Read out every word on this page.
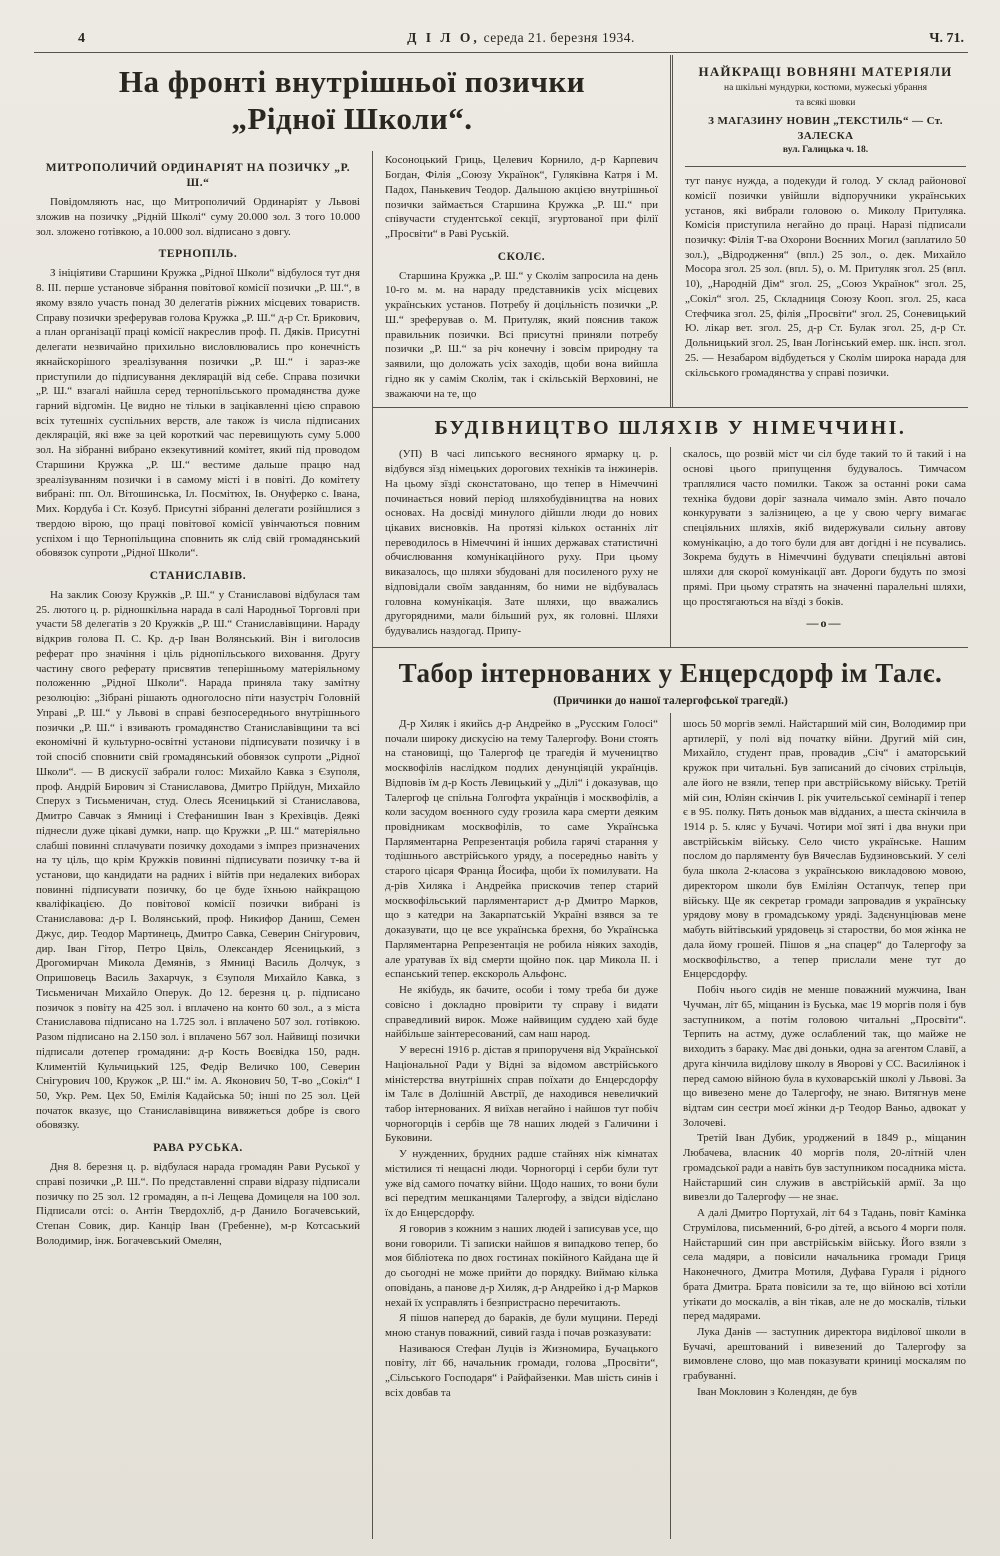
4	Д І Л О, середа 21. березня 1934.	Ч. 71.
На фронті внутрішньої позички
„Рідної Школи“.
НАЙКРАЩІ ВОВНЯНІ МАТЕРІЯЛИ
на шкільні мундурки, костюми, мужеські убрання
та всякі шовки
З МАГАЗИНУ НОВИН „ТЕКСТИЛЬ“ — Ст. ЗАЛЕСКА
вул. Галицька ч. 18.

тут панує нужда, а подекуди й голод. У склад районової комісії позички увійшли відпоручники українських установ, які вибрали головою о. Миколу Притуляка. Комісія приступила негайно до праці. Наразі підписали позичку: Філія Т-ва Охорони Воєнних Могил (заплатило 50 зол.), „Відродження“ (впл.) 25 зол., о. дек. Михайло Мосора згол. 25 зол. (впл. 5), о. М. Притуляк згол. 25 (впл. 10), „Народній Дім“ згол. 25, „Союз Українок“ згол. 25, „Сокіл“ згол. 25, Складниця Союзу Кооп. згол. 25, каса Стефчика згол. 25, філія „Просвіти“ згол. 25, Соневицький Ю. лікар вет. згол. 25, д-р Ст. Булак згол. 25, д-р Ст. Дольницький згол. 25, Іван Логінський емер. шк. інсп. згол. 25. — Незабаром відбудеться у Сколім широка нарада для скільського громадянства у справі позички.

МИТРОПОЛИЧИЙ ОРДИНАРІЯТ НА ПОЗИЧКУ „Р. Ш.“

Повідомляють нас, що Митрополичий Ординаріят у Львові зложив на позичку „Рідній Школі“ суму 20.000 зол. З того 10.000 зол. зложено готівкою, а 10.000 зол. відписано з довгу.

ТЕРНОПІЛЬ.

З ініціятиви Старшини Кружка „Рідної Школи“ відбулося тут дня 8. ІІІ. перше установче зібрання повітової комісії позички „Р. Ш.“, в якому взяло участь понад 30 делегатів ріжних місцевих товариств. Справу позички зреферував голова Кружка „Р. Ш.“ д-р Ст. Брикович, а план організації праці комісії накреслив проф. П. Дяків. Присутні делегати незвичайно прихильно висловлювались про конечність якнайскорішого зреалізування позички „Р. Ш.“ і зараз-же приступили до підписування деклярацій від себе. Справа позички „Р. Ш.“ взагалі найшла серед тернопільського промадянства дуже гарний відгомін. Це видно не тільки в зацікавленні цією справою всіх тутешніх суспільних верств, але також із числа підписаних деклярацій, які вже за цей короткий час перевищують суму 5.000 зол. На зібранні вибрано екзекутивний комітет, який під проводом Старшини Кружка „Р. Ш.“ вестиме дальше працю над зреалізуванням позички і в самому місті і в повіті. До комітету вибрані: пп. Ол. Вітошинська, Іл. Посмітюх, Ів. Онуферко с. Івана, Мих. Кордуба і Ст. Козуб. Присутні зібранні делегати розійшлися з твердою вірою, що праці повітової комісії увінчаються повним успіхом і що Тернопільщина сповнить як слід свій громадянський обовязок супроти „Рідної Школи“.

СТАНИСЛАВІВ.

На заклик Союзу Кружків „Р. Ш.“ у Станиславові відбулася там 25. лютого ц. р. рідношкільна нарада в салі Народньої Торговлі при участи 58 делегатів з 20 Кружків „Р. Ш.“ Станиславівщини. Нараду відкрив голова П. С. Кр. д-р Іван Волянський. Він і виголосив реферат про значіння і ціль ріднопільського виховання. Другу частину свого реферату присвятив теперішньому матеріяльному положенню „Рідної Школи“. Нарада приняла таку замітну резолюцію: „Зібрані рішають одноголосно піти назустріч Головній Управі „Р. Ш.“ у Львові в справі безпосереднього внутрішнього позички „Р. Ш.“ і взивають громадянство Станиславівщини та всі економічні й культурно-освітні установи підписувати позичку і в той спосіб сповнити свій громадянський обовязок супроти „Рідної Школи“. — В дискусії забрали голос: Михайло Кавка з Єзуполя, проф. Андрій Бирович зі Станиславова, Дмитро Прійдун, Михайло Сперух з Тисьменичан, студ. Олесь Ясеницький зі Станиславова, Дмитро Савчак з Ямниці і Стефанишин Іван з Крехівців. Деякі піднесли дуже цікаві думки, напр. що Кружки „Р. Ш.“ матеріяльно слабші повинні сплачувати позичку доходами з імпрез призначених на ту ціль, що крім Кружків повинні підписувати позичку т-ва й установи, що кандидати на радних і війтів при недалеких виборах повинні підписувати позичку, бо це буде їхньою найкращою кваліфікацією. До повітової комісії позички вибрані із Станиславова: д-р І. Волянський, проф. Никифор Даниш, Семен Джус, дир. Теодор Мартинець, Дмитро Савка, Северин Снігурович, дир. Іван Гітор, Петро Цвіль, Олександер Ясеницький, з Дрогомирчан Микола Демянів, з Ямниці Василь Долчук, з Опришовець Василь Захарчук, з Єзуполя Михайло Кавка, з Тисьменичан Михайло Оперук. До 12. березня ц. р. підписано позичок з повіту на 425 зол. і вплачено на конто 60 зол., а з міста Станиславова підписано на 1.725 зол. і вплачено 507 зол. готівкою. Разом підписано на 2.150 зол. і вплачено 567 зол. Найвищі позички підписали дотепер громадяни: д-р Кость Воєвідка 150, радн. Климентій Кульчицький 125, Федір Величко 100, Северин Снігурович 100, Кружок „Р. Ш.“ ім. А. Яконович 50, Т-во „Сокіл“ І 50, Укр. Рем. Цех 50, Емілія Кадайська 50; інші по 25 зол. Цей початок вказує, що Станиславівщина вивяжеться добре із свого обовязку.

РАВА РУСЬКА.

Дня 8. березня ц. р. відбулася нарада громадян Рави Руської у справі позички „Р. Ш.“. По представленні справи відразу підписали позичку по 25 зол. 12 громадян, а п-і Лещева Домицеля на 100 зол. Підписали отсі: о. Антін Твердохліб, д-р Данило Богачевський, Степан Совик, дир. Канцір Іван (Гребенне), м-р Котсаський Володимир, інж. Богачевський Омелян,

Косоноцький Гриць, Целевич Корнило, д-р Карпевич Богдан, Філія „Союзу Українок“, Гуляківна Катря і М. Падох, Панькевич Теодор. Дальшою акцією внутрішньої позички займається Старшина Кружка „Р. Ш.“ при співучасти студентської секції, згуртованої при філії „Просвіти“ в Раві Руській.

СКОЛЄ.

Старшина Кружка „Р. Ш.“ у Сколім запросила на день 10-го м. м. на нараду представників усіх місцевих українських установ. Потребу й доцільність позички „Р. Ш.“ зреферував о. М. Притуляк, який пояснив також правильник позички. Всі присутні приняли потребу позички „Р. Ш.“ за річ конечну і зовсім природну та заявили, що доложать усіх заходів, щоби вона вийшла гідно як у самім Сколім, так і скільській Верховині, не зважаючи на те, що

БУДІВНИЦТВО ШЛЯХІВ У НІМЕЧЧИНІ.

(УП) В часі липського весняного ярмарку ц. р. відбувся зїзд німецьких дорогових техніків та інжинерів. На цьому зїзді сконстатовано, що тепер в Німеччині починається новий період шляхобудівництва на нових основах. На досвіді минулого дійшли люди до нових цікавих висновків. На протязі кількох останніх літ переводилось в Німеччині й інших державах статистичні обчислювання комунікаційного руху. При цьому виказалось, що шляхи збудовані для посиленого руху не відповідали своїм завданням, бо ними не відбувалась головна комунікація. Зате шляхи, що вважались другорядними, мали більший рух, як головні. Шляхи будувались наздогад. Припу-

скалось, що розвій міст чи сіл буде такий то й такий і на основі цього припущення будувалось. Тимчасом траплялися часто помилки. Також за останні роки сама техніка будови доріг зазнала чимало змін. Авто почало конкурувати з залізницею, а це у свою чергу вимагає спеціяльних шляхів, якіб видержували сильну автову комунікацію, а до того були для авт догідні і не псувались. Зокрема будуть в Німеччині будувати спеціяльні автові шляхи для скорої комунікації авт. Дороги будуть по змозі прямі. При цьому стратять на значенні паралельні шляхи, що простягаються на вїзді з боків.

—о—
Табор інтернованих у Енцерсдорф ім Талє.
(Причинки до нашої талергофської трагедії.)

Д-р Хиляк і якийсь д-р Андрейко в „Русским Голосі“ почали широку дискусію на тему Талергофу. Вони стоять на становищі, що Талергоф це трагедія й мучеництво москвофілів наслідком подлих денунціяцій українців. Відповів їм д-р Кость Левицький у „Ділі“ і доказував, що Талергоф це спільна Голгофта українців і москвофілів, а коли засудом воєнного суду грозила кара смерти деяким провідникам москвофілів, то саме Українська Парляментарна Репрезентація робила гарячі старання у тодішнього австрійського уряду, а посередньо навіть у старого цісаря Франца Йосифа, щоби їх помилувати. На д-рів Хиляка і Андрейка прискочив тепер старий москвофільський парляментарист д-р Дмитро Марков, що з катедри на Закарпатській Україні взявся за те доказувати, що це все українська брехня, бо Українська Парляментарна Репрезентація не робила ніяких заходів, але уратував їх від смерти щойно пок. цар Микола ІІ. і еспанський тепер. екскороль Альфонс.

Не якібудь, як бачите, особи і тому треба би дуже совісно і докладно провірити ту справу і видати справедливий вирок. Може найвищим суддею хай буде найбільше заінтересований, сам наш народ.

У вересні 1916 р. дістав я припорученя від Української Національної Ради у Відні за відомом австрійського міністерства внутрішніх справ поїхати до Енцерсдорфу ім Талє в Долішній Австрії, де находився невеличкий табор інтернованих. Я виїхав негайно і найшов тут побіч чорногорців і сербів ще 78 наших людей з Галичини і Буковини.

У нужденних, брудних радше стайнях ніж кімнатах містилися ті нещасні люди. Чорногорці і серби були тут уже від самого початку війни. Щодо наших, то вони були всі передтим мешканцями Талергофу, а звідси відіслано їх до Енцерсдорфу.

Я говорив з кожним з наших людей і записував усе, що вони говорили. Ті записки найшов я випадково тепер, бо моя бібліотека по двох гостинах покійного Кайдана ще й до сьогодні не може прийти до порядку. Виймаю кілька оповідань, а панове д-р Хиляк, д-р Андрейко і д-р Марков нехай їх усправлять і безпристрасно перечитають.

Я пішов наперед до бараків, де були мущини. Переді мною станув поважний, сивий газда і почав розказувати:

Називаюся Стефан Луців із Жизномира, Бучацького повіту, літ 66, начальник громади, голова „Просвіти“, „Сільського Господаря“ і Райфайзенки. Мав шість синів і всіх довбав та

шось 50 моргів землі. Найстарший мій син, Володимир при артилерії, у полі від початку війни. Другий мій син, Михайло, студент прав, провадив „Січ“ і аматорський кружок при читальні. Був записаний до січових стрільців, але його не взяли, тепер при австрійському війську. Третій мій син, Юліян скінчив І. рік учительської семінарії і тепер є в 95. полку. Пять доньок мав відданих, а шеста скінчила в 1914 р. 5. кляс у Бучачі. Чотири мої зяті і два внуки при австрійськім війську. Село чисто українське. Нашим послом до парляменту був Вячеслав Будзиновський. У селі була школа 2-класова з українською викладовою мовою, директором школи був Еміліян Остапчук, тепер при війську. Ще як секретар громади запровадив я українську урядову мову в громадському уряді. Задєнунціював мене мабуть війтівський урядовець зі старостви, бо моя жінка не дала йому грошей. Пішов я „на спацер“ до Талергофу за москвофільство, а тепер прислали мене тут до Енцерсдорфу.

Побіч нього сидів не менше поважний мужчина, Іван Чучман, літ 65, міщанин із Буська, має 19 моргів поля і був заступником, а потім головою читальні „Просвіти“. Терпить на астму, дуже ослаблений так, що майже не виходить з бараку. Має дві доньки, одна за агентом Славії, а друга кінчила виділову школу в Яворові у СС. Василіянок і перед самою війною була в куховарській школі у Львові. За що вивезено мене до Талергофу, не знаю. Витягнув мене відтам син сестри моєї жінки д-р Теодор Ваньо, адвокат у Золочеві.

Третій Іван Дубик, уроджений в 1849 р., міщанин Любачева, власник 40 моргів поля, 20-літній член громадської ради а навіть був заступником посадника міста. Найстарший син служив в австрійській армії. За що вивезли до Талергофу — не знає.

А далі Дмитро Портухай, літ 64 з Тадань, повіт Камінка Струмілова, письменний, 6-ро дітей, а всього 4 морги поля. Найстарший син при австрійськім війську. Його взяли з села мадяри, а повісили начальника громади Гриця Наконечного, Дмитра Мотиля, Дуфава Гураля і рідного брата Дмитра. Брата повісили за те, що війною всі хотіли утікати до москалів, а він тікав, але не до москалів, тільки перед мадярами.

Лука Данів — заступник директора виділової школи в Бучачі, арештований і вивезений до Талергофу за вимовлене слово, що мав показувати криниці москалям по грабуванні.

Іван Мокловин з Колендян, де був
